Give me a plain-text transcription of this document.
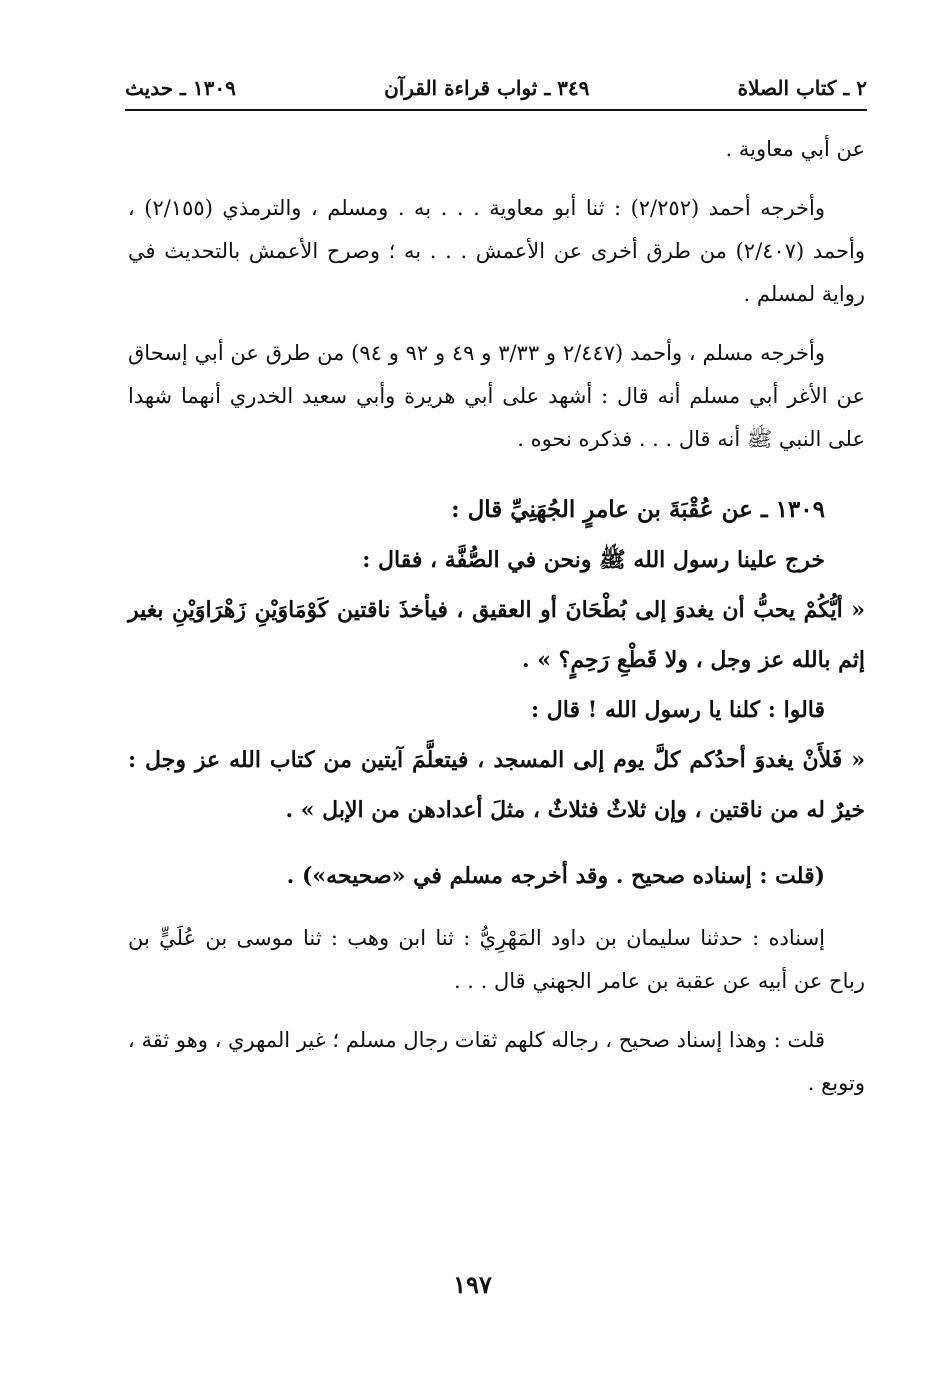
٢ ـ كتاب الصلاة
٣٤٩ ـ ثواب قراءة القرآن
١٣٠٩ ـ حديث

عن أبي معاوية .

وأخرجه أحمد (٢/٢٥٢) : ثنا أبو معاوية . . . به . ومسلم ، والترمذي (٢/١٥٥) ، وأحمد (٢/٤٠٧) من طرق أخرى عن الأعمش . . . به ؛ وصرح الأعمش بالتحديث في رواية لمسلم .

وأخرجه مسلم ، وأحمد (٢/٤٤٧ و ٣/٣٣ و ٤٩ و ٩٢ و ٩٤) من طرق عن أبي إسحاق عن الأغر أبي مسلم أنه قال : أشهد على أبي هريرة وأبي سعيد الخدري أنهما شهدا على النبي ﷺ أنه قال . . . فذكره نحوه .

١٣٠٩ ـ عن عُقْبَةَ بن عامرٍ الجُهَنِيِّ قال :

خرج علينا رسول الله ﷺ ونحن في الصُّفَّة ، فقال :

« أيُّكُمْ يحبُّ أن يغدوَ إلى بُطْحَانَ أو العقيق ، فيأخذَ ناقتين كَوْمَاوَيْنِ زَهْرَاوَيْنِ بغير إثم بالله عز وجل ، ولا قَطْعِ رَحِمٍ؟ » .

قالوا : كلنا يا رسول الله ! قال :

« فَلأَنْ يغدوَ أحدُكم كلَّ يوم إلى المسجد ، فيتعلَّمَ آيتين من كتاب الله عز وجل : خيرٌ له من ناقتين ، وإن ثلاثٌ فثلاثٌ ، مثلَ أعدادهن من الإبل » .

(قلت : إسناده صحيح . وقد أخرجه مسلم في «صحيحه») .

إسناده : حدثنا سليمان بن داود المَهْرِيُّ : ثنا ابن وهب : ثنا موسى بن عُلَيٍّ بن رباح عن أبيه عن عقبة بن عامر الجهني قال . . .

قلت : وهذا إسناد صحيح ، رجاله كلهم ثقات رجال مسلم ؛ غير المهري ، وهو ثقة ، وتوبع .

١٩٧
